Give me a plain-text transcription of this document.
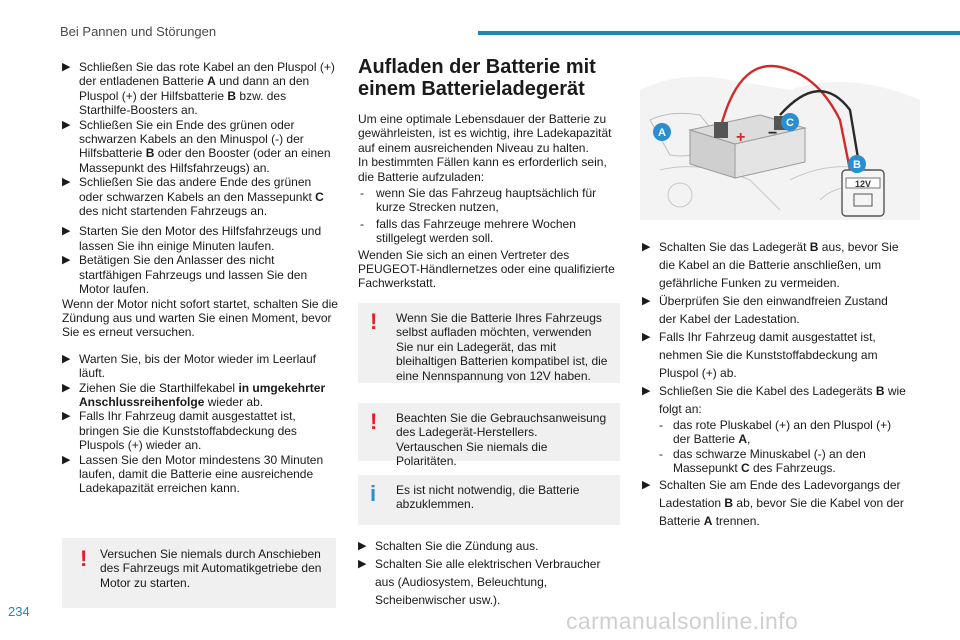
Bei Pannen und Störungen

▶ Schließen Sie das rote Kabel an den Pluspol (+) der entladenen Batterie A und dann an den Pluspol (+) der Hilfsbatterie B bzw. des Starthilfe-Boosters an.

▶ Schließen Sie ein Ende des grünen oder schwarzen Kabels an den Minuspol (-) der Hilfsbatterie B oder den Booster (oder an einen Massepunkt des Hilfsfahrzeugs) an.

▶ Schließen Sie das andere Ende des grünen oder schwarzen Kabels an den Massepunkt C des nicht startenden Fahrzeugs an.

▶ Starten Sie den Motor des Hilfsfahrzeugs und lassen Sie ihn einige Minuten laufen.

▶ Betätigen Sie den Anlasser des nicht startfähigen Fahrzeugs und lassen Sie den Motor laufen.

Wenn der Motor nicht sofort startet, schalten Sie die Zündung aus und warten Sie einen Moment, bevor Sie es erneut versuchen.

▶ Warten Sie, bis der Motor wieder im Leerlauf läuft.

▶ Ziehen Sie die Starthilfekabel in umgekehrter Anschlussreihenfolge wieder ab.

▶ Falls Ihr Fahrzeug damit ausgestattet ist, bringen Sie die Kunststoffabdeckung des Pluspols (+) wieder an.

▶ Lassen Sie den Motor mindestens 30 Minuten laufen, damit die Batterie eine ausreichende Ladekapazität erreichen kann.

! Versuchen Sie niemals durch Anschieben des Fahrzeugs mit Automatikgetriebe den Motor zu starten.
Aufladen der Batterie mit einem Batterieladegerät

Um eine optimale Lebensdauer der Batterie zu gewährleisten, ist es wichtig, ihre Ladekapazität auf einem ausreichenden Niveau zu halten.

In bestimmten Fällen kann es erforderlich sein, die Batterie aufzuladen:

- wenn Sie das Fahrzeug hauptsächlich für kurze Strecken nutzen,

- falls das Fahrzeuge mehrere Wochen stillgelegt werden soll.

Wenden Sie sich an einen Vertreter des PEUGEOT-Händlernetzes oder eine qualifizierte Fachwerkstatt.

! Wenn Sie die Batterie Ihres Fahrzeugs selbst aufladen möchten, verwenden Sie nur ein Ladegerät, das mit bleihaltigen Batterien kompatibel ist, die eine Nennspannung von 12V haben.
! Beachten Sie die Gebrauchsanweisung des Ladegerät-Herstellers.
Vertauschen Sie niemals die Polaritäten.
i Es ist nicht notwendig, die Batterie abzuklemmen.

▶ Schalten Sie die Zündung aus.

▶ Schalten Sie alle elektrischen Verbraucher aus (Audiosystem, Beleuchtung, Scheibenwischer usw.).

+ −
A
C
12V
B

▶ Schalten Sie das Ladegerät B aus, bevor Sie die Kabel an die Batterie anschließen, um gefährliche Funken zu vermeiden.

▶ Überprüfen Sie den einwandfreien Zustand der Kabel der Ladestation.

▶ Falls Ihr Fahrzeug damit ausgestattet ist, nehmen Sie die Kunststoffabdeckung am Pluspol (+) ab.

▶ Schließen Sie die Kabel des Ladegeräts B wie folgt an:

- das rote Pluskabel (+) an den Pluspol (+) der Batterie A,

- das schwarze Minuskabel (-) an den Massepunkt C des Fahrzeugs.

▶ Schalten Sie am Ende des Ladevorgangs der Ladestation B ab, bevor Sie die Kabel von der Batterie A trennen.

234	carmanualsonline.info
